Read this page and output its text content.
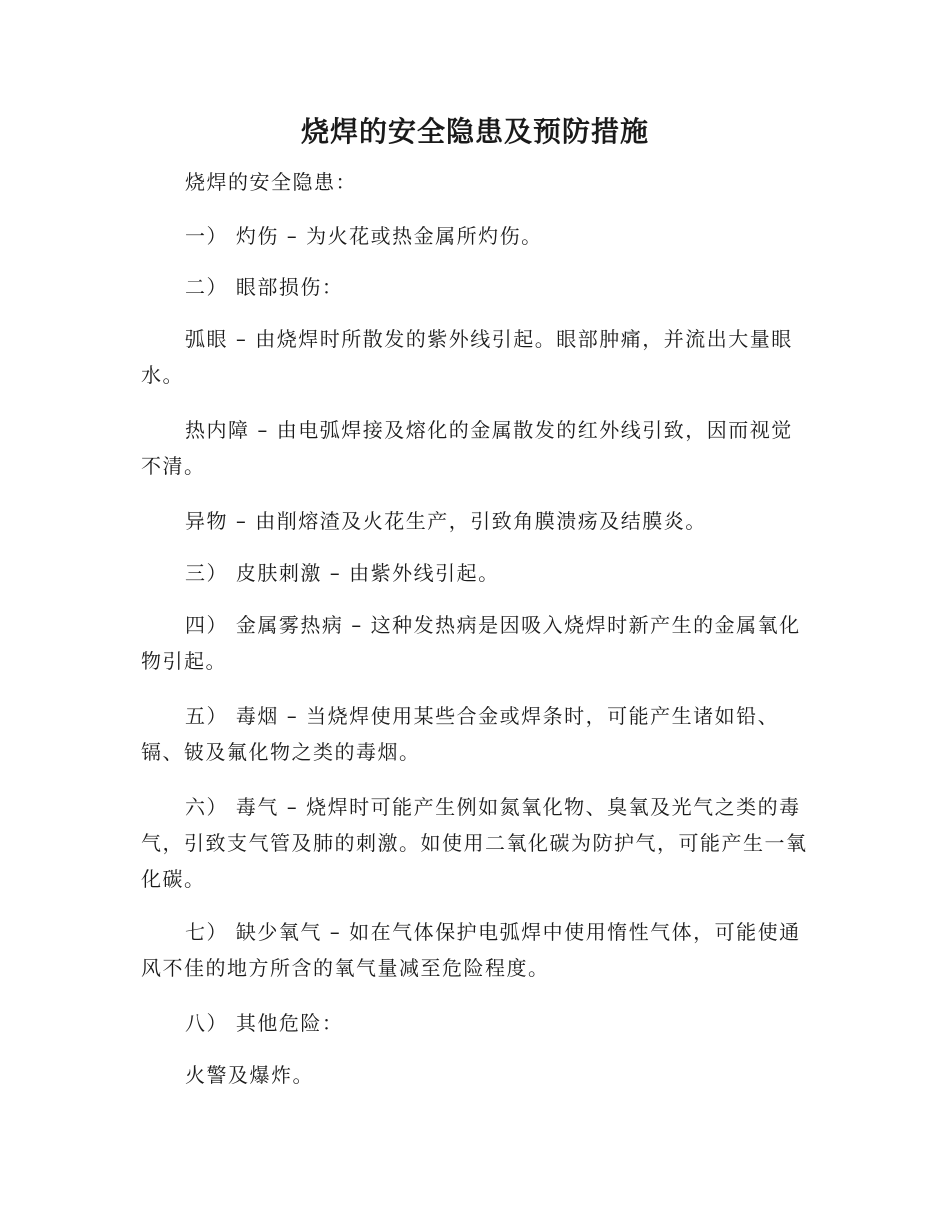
烧焊的安全隐患及预防措施

烧焊的安全隐患：

一） 灼伤 – 为火花或热金属所灼伤。

二） 眼部损伤：

弧眼 – 由烧焊时所散发的紫外线引起。眼部肿痛，并流出大量眼水。

热内障 – 由电弧焊接及熔化的金属散发的红外线引致，因而视觉不清。

异物 – 由削熔渣及火花生产，引致角膜溃疡及结膜炎。

三） 皮肤刺激 – 由紫外线引起。

四） 金属雾热病 – 这种发热病是因吸入烧焊时新产生的金属氧化物引起。

五） 毒烟 – 当烧焊使用某些合金或焊条时，可能产生诸如铅、镉、铍及氟化物之类的毒烟。

六） 毒气 – 烧焊时可能产生例如氮氧化物、臭氧及光气之类的毒气，引致支气管及肺的刺激。如使用二氧化碳为防护气，可能产生一氧化碳。

七） 缺少氧气 – 如在气体保护电弧焊中使用惰性气体，可能使通风不佳的地方所含的氧气量减至危险程度。

八） 其他危险：

火警及爆炸。
